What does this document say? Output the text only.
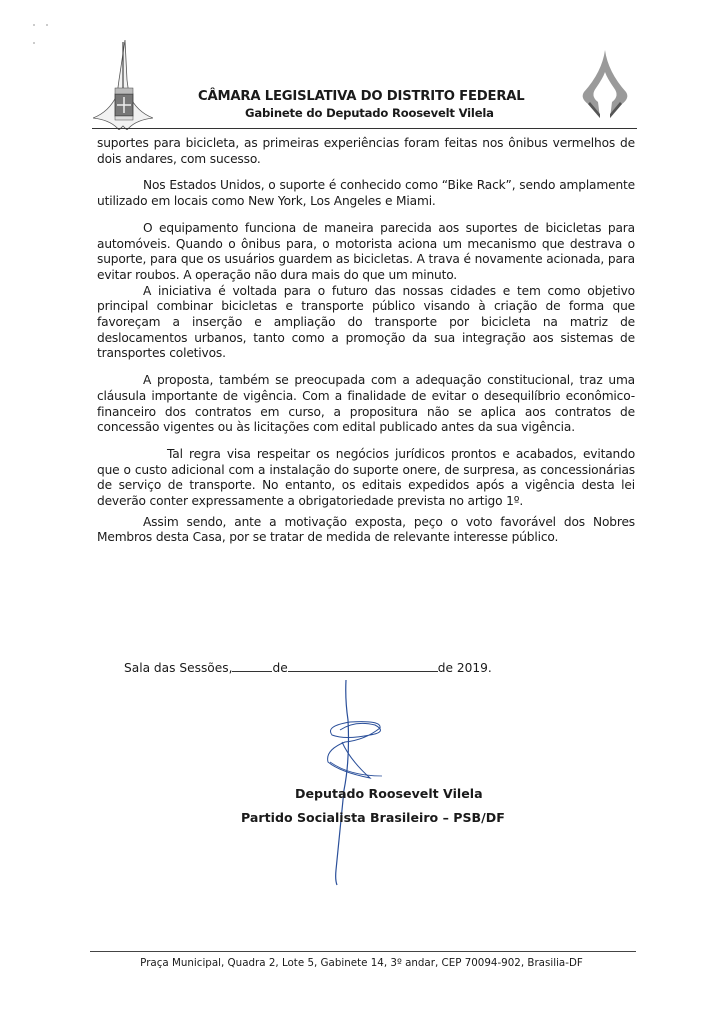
CÂMARA LEGISLATIVA DO DISTRITO FEDERAL
Gabinete do Deputado Roosevelt Vilela

suportes para bicicleta, as primeiras experiências foram feitas nos ônibus vermelhos de dois andares, com sucesso.

Nos Estados Unidos, o suporte é conhecido como “Bike Rack”, sendo amplamente utilizado em locais como New York, Los Angeles e Miami.

O equipamento funciona de maneira parecida aos suportes de bicicletas para automóveis. Quando o ônibus para, o motorista aciona um mecanismo que destrava o suporte, para que os usuários guardem as bicicletas. A trava é novamente acionada, para evitar roubos. A operação não dura mais do que um minuto.

A iniciativa é voltada para o futuro das nossas cidades e tem como objetivo principal combinar bicicletas e transporte público visando à criação de forma que favoreçam a inserção e ampliação do transporte por bicicleta na matriz de deslocamentos urbanos, tanto como a promoção da sua integração aos sistemas de transportes coletivos.

A proposta, também se preocupada com a adequação constitucional, traz uma cláusula importante de vigência. Com a finalidade de evitar o desequilíbrio econômico-financeiro dos contratos em curso, a propositura não se aplica aos contratos de concessão vigentes ou às licitações com edital publicado antes da sua vigência.

Tal regra visa respeitar os negócios jurídicos prontos e acabados, evitando que o custo adicional com a instalação do suporte onere, de surpresa, as concessionárias de serviço de transporte. No entanto, os editais expedidos após a vigência desta lei deverão conter expressamente a obrigatoriedade prevista no artigo 1º.

Assim sendo, ante a motivação exposta, peço o voto favorável dos Nobres Membros desta Casa, por se tratar de medida de relevante interesse público.

Sala das Sessões,	de	de 2019.
Deputado Roosevelt Vilela
Partido Socialista Brasileiro – PSB/DF
Praça Municipal, Quadra 2, Lote 5, Gabinete 14, 3º andar, CEP 70094-902, Brasilia-DF
